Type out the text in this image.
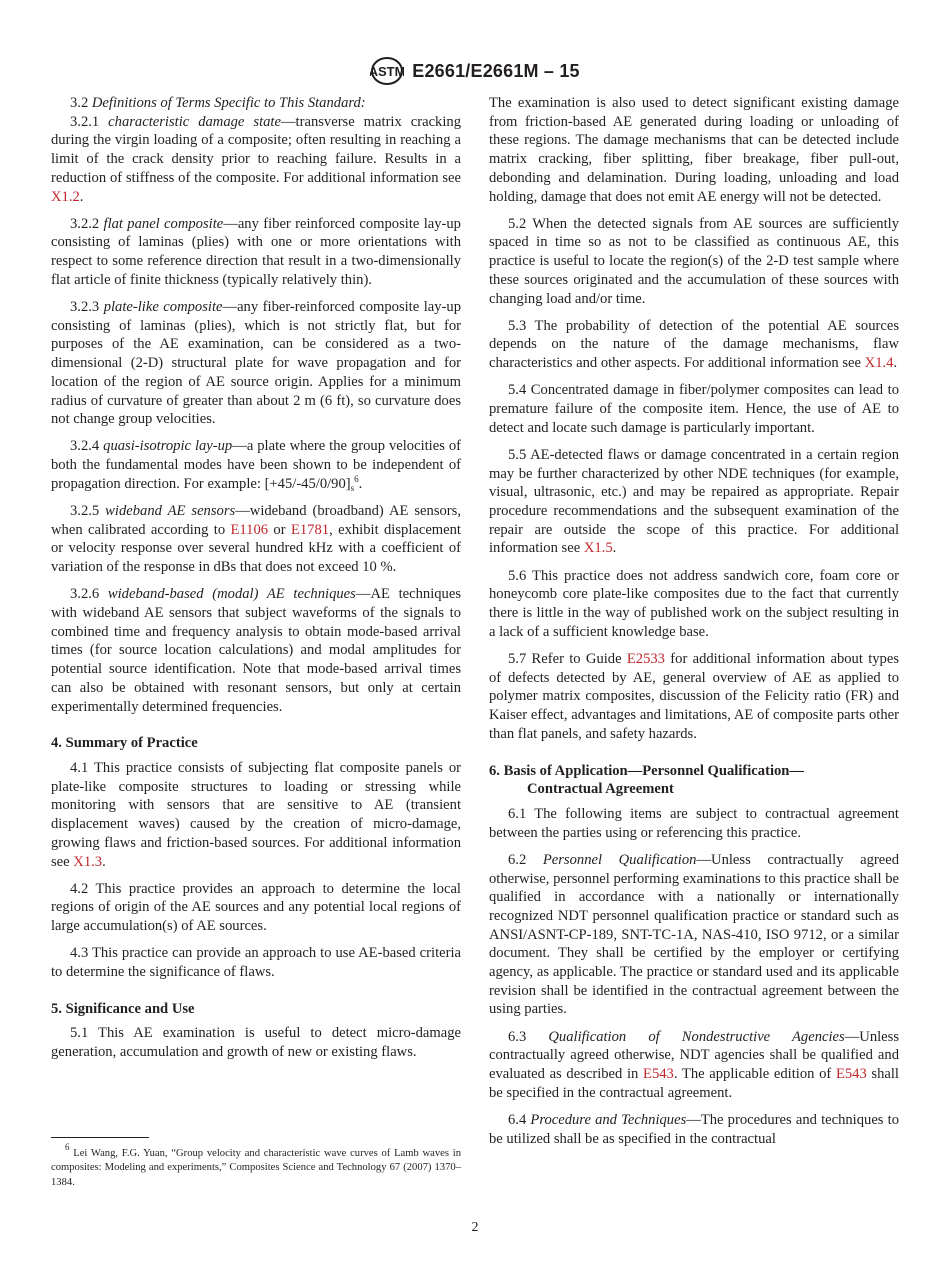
ASTM E2661/E2661M – 15

3.2 Definitions of Terms Specific to This Standard:

3.2.1 characteristic damage state—transverse matrix cracking during the virgin loading of a composite; often resulting in reaching a limit of the crack density prior to reaching failure. Results in a reduction of stiffness of the composite. For additional information see X1.2.

3.2.2 flat panel composite—any fiber reinforced composite lay-up consisting of laminas (plies) with one or more orientations with respect to some reference direction that result in a two-dimensionally flat article of finite thickness (typically relatively thin).

3.2.3 plate-like composite—any fiber-reinforced composite lay-up consisting of laminas (plies), which is not strictly flat, but for purposes of the AE examination, can be considered as a two-dimensional (2-D) structural plate for wave propagation and for location of the region of AE source origin. Applies for a minimum radius of curvature of greater than about 2 m (6 ft), so curvature does not change group velocities.

3.2.4 quasi-isotropic lay-up—a plate where the group velocities of both the fundamental modes have been shown to be independent of propagation direction. For example: $[+45/-45/0/90]_s^6$.

3.2.5 wideband AE sensors—wideband (broadband) AE sensors, when calibrated according to E1106 or E1781, exhibit displacement or velocity response over several hundred kHz with a coefficient of variation of the response in dBs that does not exceed 10 %.

3.2.6 wideband-based (modal) AE techniques—AE techniques with wideband AE sensors that subject waveforms of the signals to combined time and frequency analysis to obtain mode-based arrival times (for source location calculations) and modal amplitudes for potential source identification. Note that mode-based arrival times can also be obtained with resonant sensors, but only at certain experimentally determined frequencies.

4. Summary of Practice

4.1 This practice consists of subjecting flat composite panels or plate-like composite structures to loading or stressing while monitoring with sensors that are sensitive to AE (transient displacement waves) caused by the creation of micro-damage, growing flaws and friction-based sources. For additional information see X1.3.

4.2 This practice provides an approach to determine the local regions of origin of the AE sources and any potential local regions of large accumulation(s) of AE sources.

4.3 This practice can provide an approach to use AE-based criteria to determine the significance of flaws.

5. Significance and Use

5.1 This AE examination is useful to detect micro-damage generation, accumulation and growth of new or existing flaws.

The examination is also used to detect significant existing damage from friction-based AE generated during loading or unloading of these regions. The damage mechanisms that can be detected include matrix cracking, fiber splitting, fiber breakage, fiber pull-out, debonding and delamination. During loading, unloading and load holding, damage that does not emit AE energy will not be detected.

5.2 When the detected signals from AE sources are sufficiently spaced in time so as not to be classified as continuous AE, this practice is useful to locate the region(s) of the 2-D test sample where these sources originated and the accumulation of these sources with changing load and/or time.

5.3 The probability of detection of the potential AE sources depends on the nature of the damage mechanisms, flaw characteristics and other aspects. For additional information see X1.4.

5.4 Concentrated damage in fiber/polymer composites can lead to premature failure of the composite item. Hence, the use of AE to detect and locate such damage is particularly important.

5.5 AE-detected flaws or damage concentrated in a certain region may be further characterized by other NDE techniques (for example, visual, ultrasonic, etc.) and may be repaired as appropriate. Repair procedure recommendations and the subsequent examination of the repair are outside the scope of this practice. For additional information see X1.5.

5.6 This practice does not address sandwich core, foam core or honeycomb core plate-like composites due to the fact that currently there is little in the way of published work on the subject resulting in a lack of a sufficient knowledge base.

5.7 Refer to Guide E2533 for additional information about types of defects detected by AE, general overview of AE as applied to polymer matrix composites, discussion of the Felicity ratio (FR) and Kaiser effect, advantages and limitations, AE of composite parts other than flat panels, and safety hazards.

6. Basis of Application—Personnel Qualification—
Contractual Agreement

6.1 The following items are subject to contractual agreement between the parties using or referencing this practice.

6.2 Personnel Qualification—Unless contractually agreed otherwise, personnel performing examinations to this practice shall be qualified in accordance with a nationally or internationally recognized NDT personnel qualification practice or standard such as ANSI/ASNT-CP-189, SNT-TC-1A, NAS-410, ISO 9712, or a similar document. They shall be certified by the employer or certifying agency, as applicable. The practice or standard used and its applicable revision shall be identified in the contractual agreement between the using parties.

6.3 Qualification of Nondestructive Agencies—Unless contractually agreed otherwise, NDT agencies shall be qualified and evaluated as described in E543. The applicable edition of E543 shall be specified in the contractual agreement.

6.4 Procedure and Techniques—The procedures and techniques to be utilized shall be as specified in the contractual

$^6$ Lei Wang, F.G. Yuan, “Group velocity and characteristic wave curves of Lamb waves in composites: Modeling and experiments,” Composites Science and Technology 67 (2007) 1370–1384.

2
